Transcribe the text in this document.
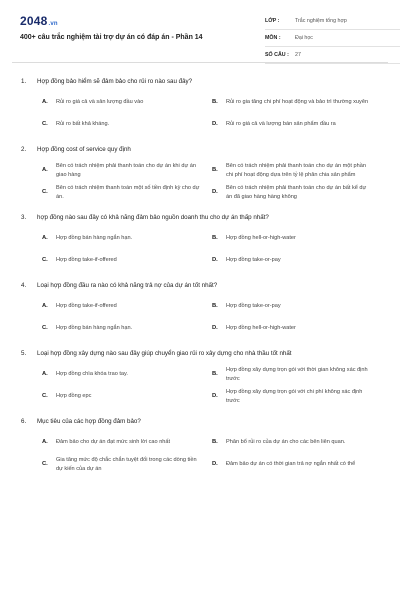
2048.vn
400+ câu trắc nghiệm tài trợ dự án có đáp án - Phần 14
LỚP :	Trắc nghiệm tổng hợp
MÔN :	Đại học
SỐ CÂU :	27
1.	Hợp đồng bảo hiểm sẽ đảm bảo cho rủi ro nào sau đây?
A.	Rủi ro giá cả và sản lượng đầu vào	B.	Rủi ro gia tăng chi phí hoạt động và bảo trì thường xuyên
C.	Rủi ro bất khả kháng.	D.	Rủi ro giá cả và lượng bán sản phẩm đầu ra
2.	Hợp đồng cost of service quy định
A.
Bên có trách nhiệm phải thanh toán cho dự án khi dự án giao hàng
B.
Bên có trách nhiệm phải thanh toán cho dự án một phần chi phí hoạt động dựa trên tỷ lệ phân chia sản phẩm
C.
Bên có trách nhiệm thanh toán một số tiền định kỳ cho dự án.
D.
Bên có trách nhiệm phải thanh toán cho dự án bất kể dự án đã giao hàng hàng không
3.	hợp đồng nào sau đây có khả năng đảm bảo nguồn doanh thu cho dự án thấp nhất?
A.	Hợp đồng bán hàng ngắn hạn.	B.	Hợp đồng hell-or-high-water
C.	Hợp đồng take-if-offered	D.	Hợp đồng take-or-pay
4.	Loại hợp đồng đầu ra nào có khả năng trả nợ của dự án tốt nhất?
A.	Hợp đồng take-if-offered	B.	Hợp đồng take-or-pay
C.	Hợp đồng bán hàng ngắn hạn.	D.	Hợp đồng hell-or-high-water
5.	Loại hợp đồng xây dựng nào sau đây giúp chuyển giao rủi ro xây dựng cho nhà thầu tốt nhất
A.	Hợp đồng chìa khóa trao tay.	B.
Hợp đồng xây dựng trọn gói với thời gian không xác định trước
C.	Hợp đồng epc	D.
Hợp đồng xây dựng trọn gói với chi phí không xác định trước
6.	Mục tiêu của các hợp đồng đảm bảo?
A.	Đảm bảo cho dự án đạt mức sinh lời cao nhất	B.	Phân bổ rủi ro của dự án cho các bên liên quan.
C.
Gia tăng mức độ chắc chắn tuyệt đối trong các dòng tiền dự kiến của dự án
D.	Đảm bảo dự án có thời gian trả nợ ngắn nhất có thể
